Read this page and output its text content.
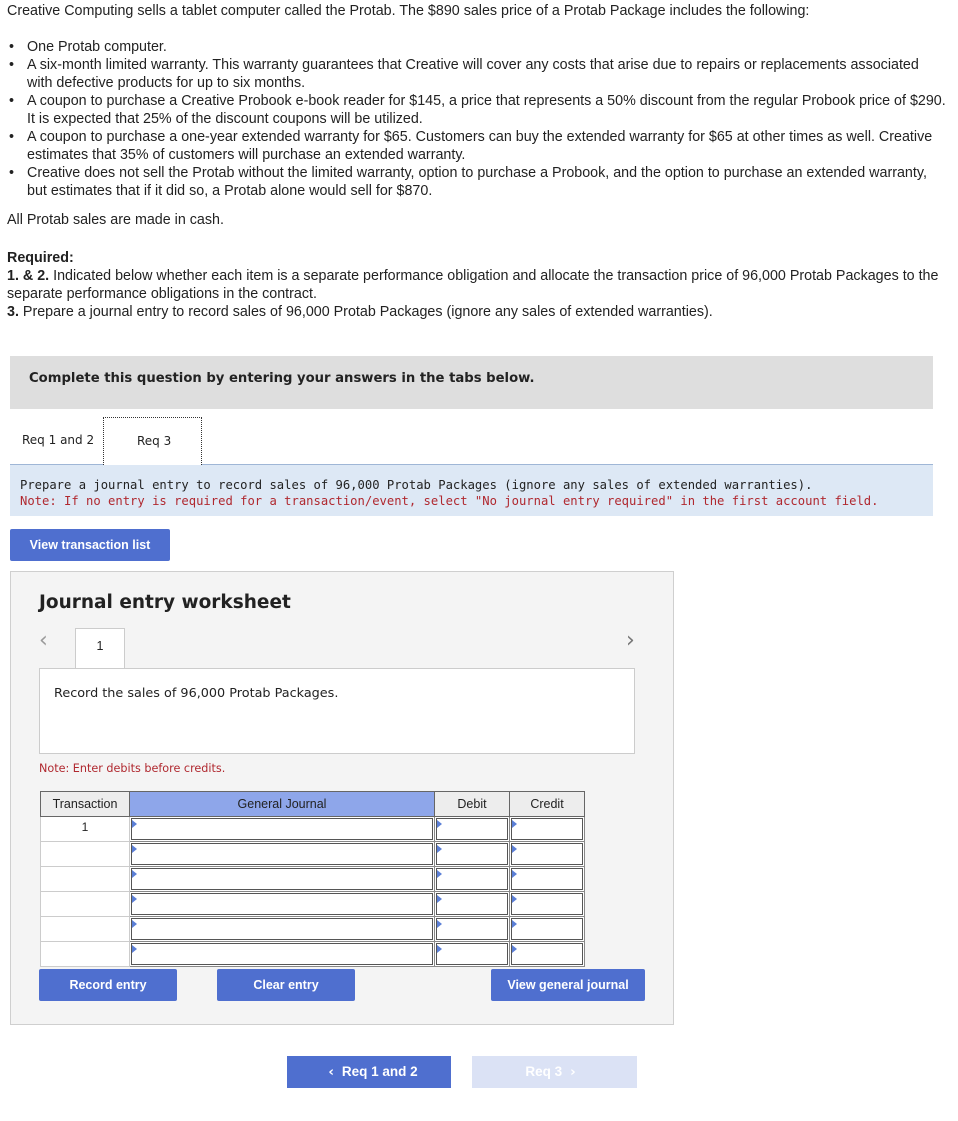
Creative Computing sells a tablet computer called the Protab. The $890 sales price of a Protab Package includes the following:

• One Protab computer.
• A six-month limited warranty. This warranty guarantees that Creative will cover any costs that arise due to repairs or replacements associated with defective products for up to six months.
• A coupon to purchase a Creative Probook e-book reader for $145, a price that represents a 50% discount from the regular Probook price of $290. It is expected that 25% of the discount coupons will be utilized.
• A coupon to purchase a one-year extended warranty for $65. Customers can buy the extended warranty for $65 at other times as well. Creative estimates that 35% of customers will purchase an extended warranty.
• Creative does not sell the Protab without the limited warranty, option to purchase a Probook, and the option to purchase an extended warranty, but estimates that if it did so, a Protab alone would sell for $870.

All Protab sales are made in cash.

Required:

1. & 2. Indicated below whether each item is a separate performance obligation and allocate the transaction price of 96,000 Protab Packages to the separate performance obligations in the contract.

3. Prepare a journal entry to record sales of 96,000 Protab Packages (ignore any sales of extended warranties).

Complete this question by entering your answers in the tabs below.
Req 1 and 2	Req 3
Prepare a journal entry to record sales of 96,000 Protab Packages (ignore any sales of extended warranties).
Note: If no entry is required for a transaction/event, select "No journal entry required" in the first account field.
View transaction list
Journal entry worksheet
‹	1	›
Record the sales of 96,000 Protab Packages.
Note: Enter debits before credits.
Transaction	General Journal	Debit	Credit
1	

Record entry	Clear entry	View general journal
‹ Req 1 and 2	Req 3 ›
